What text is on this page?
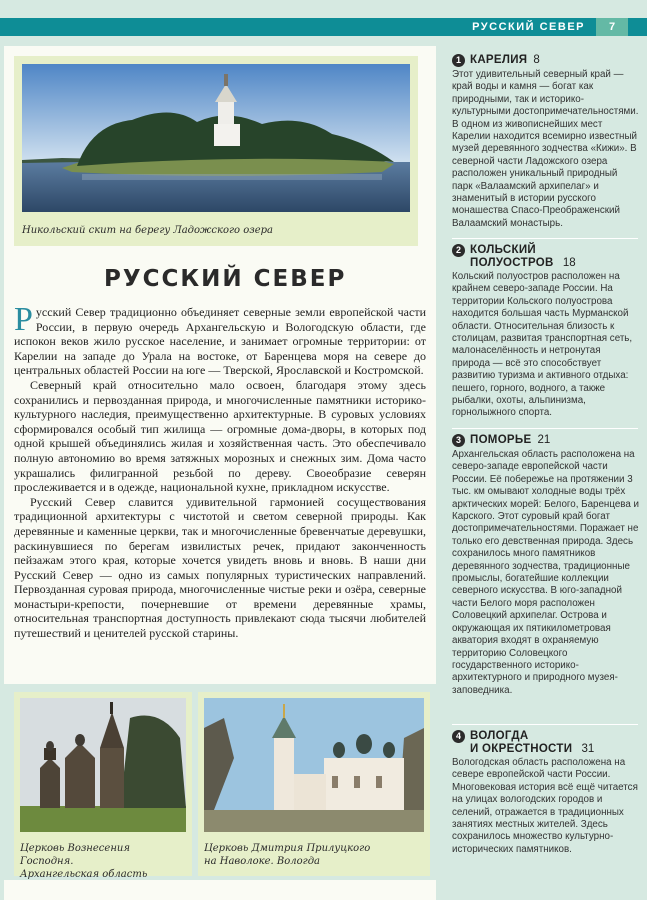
РУССКИЙ СЕВЕР	7
Никольский скит на берегу Ладожского озера
РУССКИЙ СЕВЕР

Русский Север традиционно объединяет северные земли европейской части России, в первую очередь Архангельскую и Вологодскую области, где испокон веков жило русское население, и занимает огромные территории: от Карелии на западе до Урала на востоке, от Баренцева моря на севере до центральных областей России на юге — Тверской, Ярославской и Костромской.

Северный край относительно мало освоен, благодаря этому здесь сохранились и первозданная природа, и многочисленные памятники историко-культурного наследия, преимущественно архитектурные. В суровых условиях сформировался особый тип жилища — огромные дома-дворы, в которых под одной крышей объединялись жилая и хозяйственная часть. Это обеспечивало полную автономию во время затяжных морозных и снежных зим. Дома часто украшались филигранной резьбой по дереву. Своеобразие северян прослеживается и в одежде, национальной кухне, прикладном искусстве.

Русский Север славится удивительной гармонией сосуществования традиционной архитектуры с чистотой и светом северной природы. Как деревянные и каменные церкви, так и многочисленные бревенчатые деревушки, раскинувшиеся по берегам извилистых речек, придают законченность пейзажам этого края, которые хочется увидеть вновь и вновь. В наши дни Русский Север — одно из самых популярных туристических направлений. Первозданная суровая природа, многочисленные чистые реки и озёра, северные монастыри-крепости, почерневшие от времени деревянные храмы, относительная транспортная доступность привлекают сюда тысячи любителей путешествий и ценителей русской старины.

Церковь Вознесения Господня.
Архангельская область
Церковь Дмитрия Прилуцкого
на Наволоке. Вологда
1 КАРЕЛИЯ 8
Этот удивительный северный край — край воды и камня — богат как природными, так и историко-культурными достопримечательностями. В одном из живописнейших мест Карелии находится всемирно известный музей деревянного зодчества «Кижи». В северной части Ладожского озера расположен уникальный природный парк «Валаамский архипелаг» и знаменитый в истории русского монашества Спасо-Преображенский Валаамский монастырь.
2 КОЛЬСКИЙ
ПОЛУОСТРОВ 18
Кольский полуостров расположен на крайнем северо-западе России. На территории Кольского полуострова находится большая часть Мурманской области. Относительная близость к столицам, развитая транспортная сеть, малонаселённость и нетронутая природа — всё это способствует развитию туризма и активного отдыха: пешего, горного, водного, а также рыбалки, охоты, альпинизма, горнолыжного спорта.
3 ПОМОРЬЕ 21
Архангельская область расположена на северо-западе европейской части России. Её побережье на протяжении 3 тыс. км омывают холодные воды трёх арктических морей: Белого, Баренцева и Карского. Этот суровый край богат достопримечательностями. Поражает не только его девственная природа. Здесь сохранилось много памятников деревянного зодчества, традиционные промыслы, богатейшие коллекции северного искусства. В юго-западной части Белого моря расположен Соловецкий архипелаг. Острова и окружающая их пятикилометровая акватория входят в охраняемую территорию Соловецкого государственного историко-архитектурного и природного музея-заповедника.
4 ВОЛОГДА
И ОКРЕСТНОСТИ 31
Вологодская область расположена на севере европейской части России. Многовековая история всё ещё читается на улицах вологодских городов и селений, отражается в традиционных занятиях местных жителей. Здесь сохранилось множество культурно-исторических памятников.
